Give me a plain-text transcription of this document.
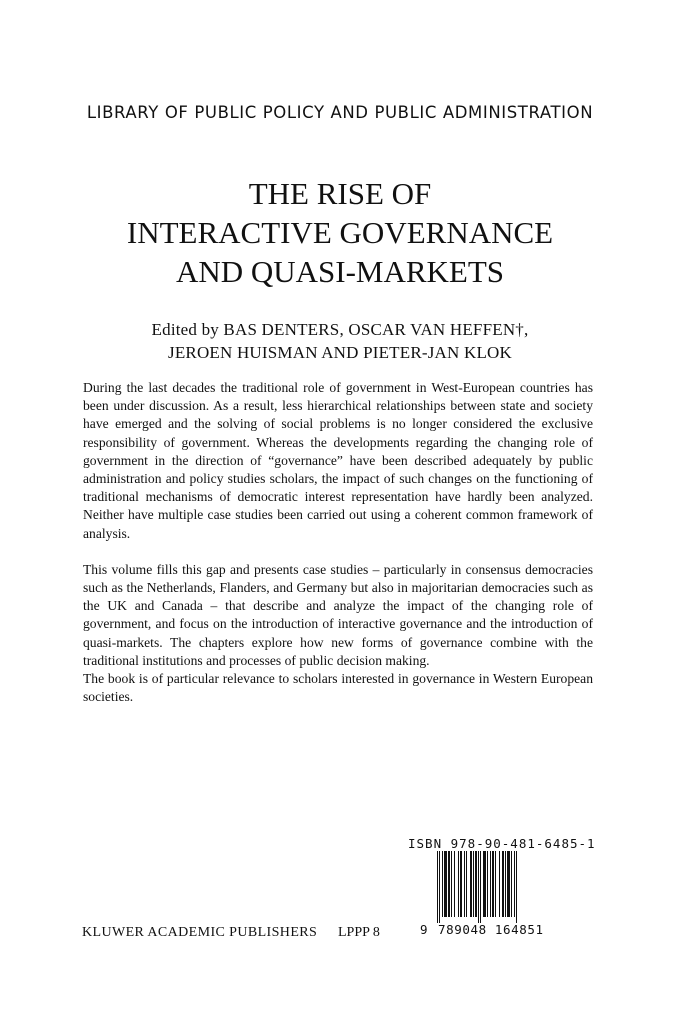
LIBRARY OF PUBLIC POLICY AND PUBLIC ADMINISTRATION
THE RISE OF
INTERACTIVE GOVERNANCE
AND QUASI-MARKETS
Edited by BAS DENTERS, OSCAR VAN HEFFEN†,
JEROEN HUISMAN AND PIETER-JAN KLOK

During the last decades the traditional role of government in West-European countries has been under discussion. As a result, less hierarchical relationships between state and society have emerged and the solving of social problems is no longer considered the exclusive responsibility of government. Whereas the developments regarding the changing role of government in the direction of “governance” have been described adequately by public administration and policy studies scholars, the impact of such changes on the functioning of traditional mechanisms of democratic interest representation have hardly been analyzed. Neither have multiple case studies been carried out using a coherent common framework of analysis.

This volume fills this gap and presents case studies – particularly in consensus democracies such as the Netherlands, Flanders, and Germany but also in majoritarian democracies such as the UK and Canada – that describe and analyze the impact of the changing role of government, and focus on the introduction of interactive governance and the introduction of quasi-markets. The chapters explore how new forms of governance combine with the traditional institutions and processes of public decision making.

The book is of particular relevance to scholars interested in governance in Western European societies.

ISBN 978-90-481-6485-1
9 789048 164851
KLUWER ACADEMIC PUBLISHERS LPPP 8
